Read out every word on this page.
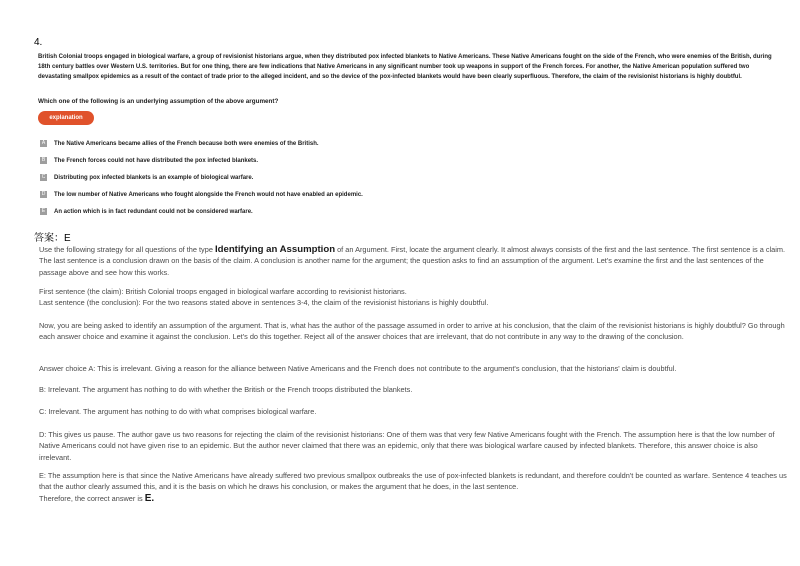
4.
British Colonial troops engaged in biological warfare, a group of revisionist historians argue, when they distributed pox infected blankets to Native Americans. These Native Americans fought on the side of the French, who were enemies of the British, during 18th century battles over Western U.S. territories. But for one thing, there are few indications that Native Americans in any significant number took up weapons in support of the French forces. For another, the Native American population suffered two devastating smallpox epidemics as a result of the contact of trade prior to the alleged incident, and so the device of the pox-infected blankets would have been clearly superfluous. Therefore, the claim of the revisionist historians is highly doubtful.
Which one of the following is an underlying assumption of the above argument?
explanation
A	The Native Americans became allies of the French because both were enemies of the British.
B	The French forces could not have distributed the pox infected blankets.
C Distributing pox infected blankets is an example of biological warfare.
D The low number of Native Americans who fought alongside the French would not have enabled an epidemic.
E	An action which is in fact redundant could not be considered warfare.
答案：E
Use the following strategy for all questions of the type Identifying an Assumption of an Argument. First, locate the argument clearly. It almost always consists of the first and the last sentence. The first sentence is a claim. The last sentence is a conclusion drawn on the basis of the claim. A conclusion is another name for the argument; the question asks to find an assumption of the argument. Let's examine the first and the last sentences of the passage above and see how this works.
First sentence (the claim): British Colonial troops engaged in biological warfare according to revisionist historians.
Last sentence (the conclusion): For the two reasons stated above in sentences 3-4, the claim of the revisionist historians is highly doubtful.
Now, you are being asked to identify an assumption of the argument. That is, what has the author of the passage assumed in order to arrive at his conclusion, that the claim of the revisionist historians is highly doubtful? Go through each answer choice and examine it against the conclusion. Let's do this together. Reject all of the answer choices that are irrelevant, that do not contribute in any way to the drawing of the conclusion.
Answer choice A: This is irrelevant. Giving a reason for the alliance between Native Americans and the French does not contribute to the argument's conclusion, that the historians' claim is doubtful.
B: Irrelevant. The argument has nothing to do with whether the British or the French troops distributed the blankets.
C: Irrelevant. The argument has nothing to do with what comprises biological warfare.
D: This gives us pause. The author gave us two reasons for rejecting the claim of the revisionist historians: One of them was that very few Native Americans fought with the French. The assumption here is that the low number of Native Americans could not have given rise to an epidemic. But the author never claimed that there was an epidemic, only that there was biological warfare caused by infected blankets. Therefore, this answer choice is also irrelevant.
E: The assumption here is that since the Native Americans have already suffered two previous smallpox outbreaks the use of pox-infected blankets is redundant, and therefore couldn't be counted as warfare. Sentence 4 teaches us that the author clearly assumed this, and it is the basis on which he draws his conclusion, or makes the argument that he does, in the last sentence.
Therefore, the correct answer is E.
